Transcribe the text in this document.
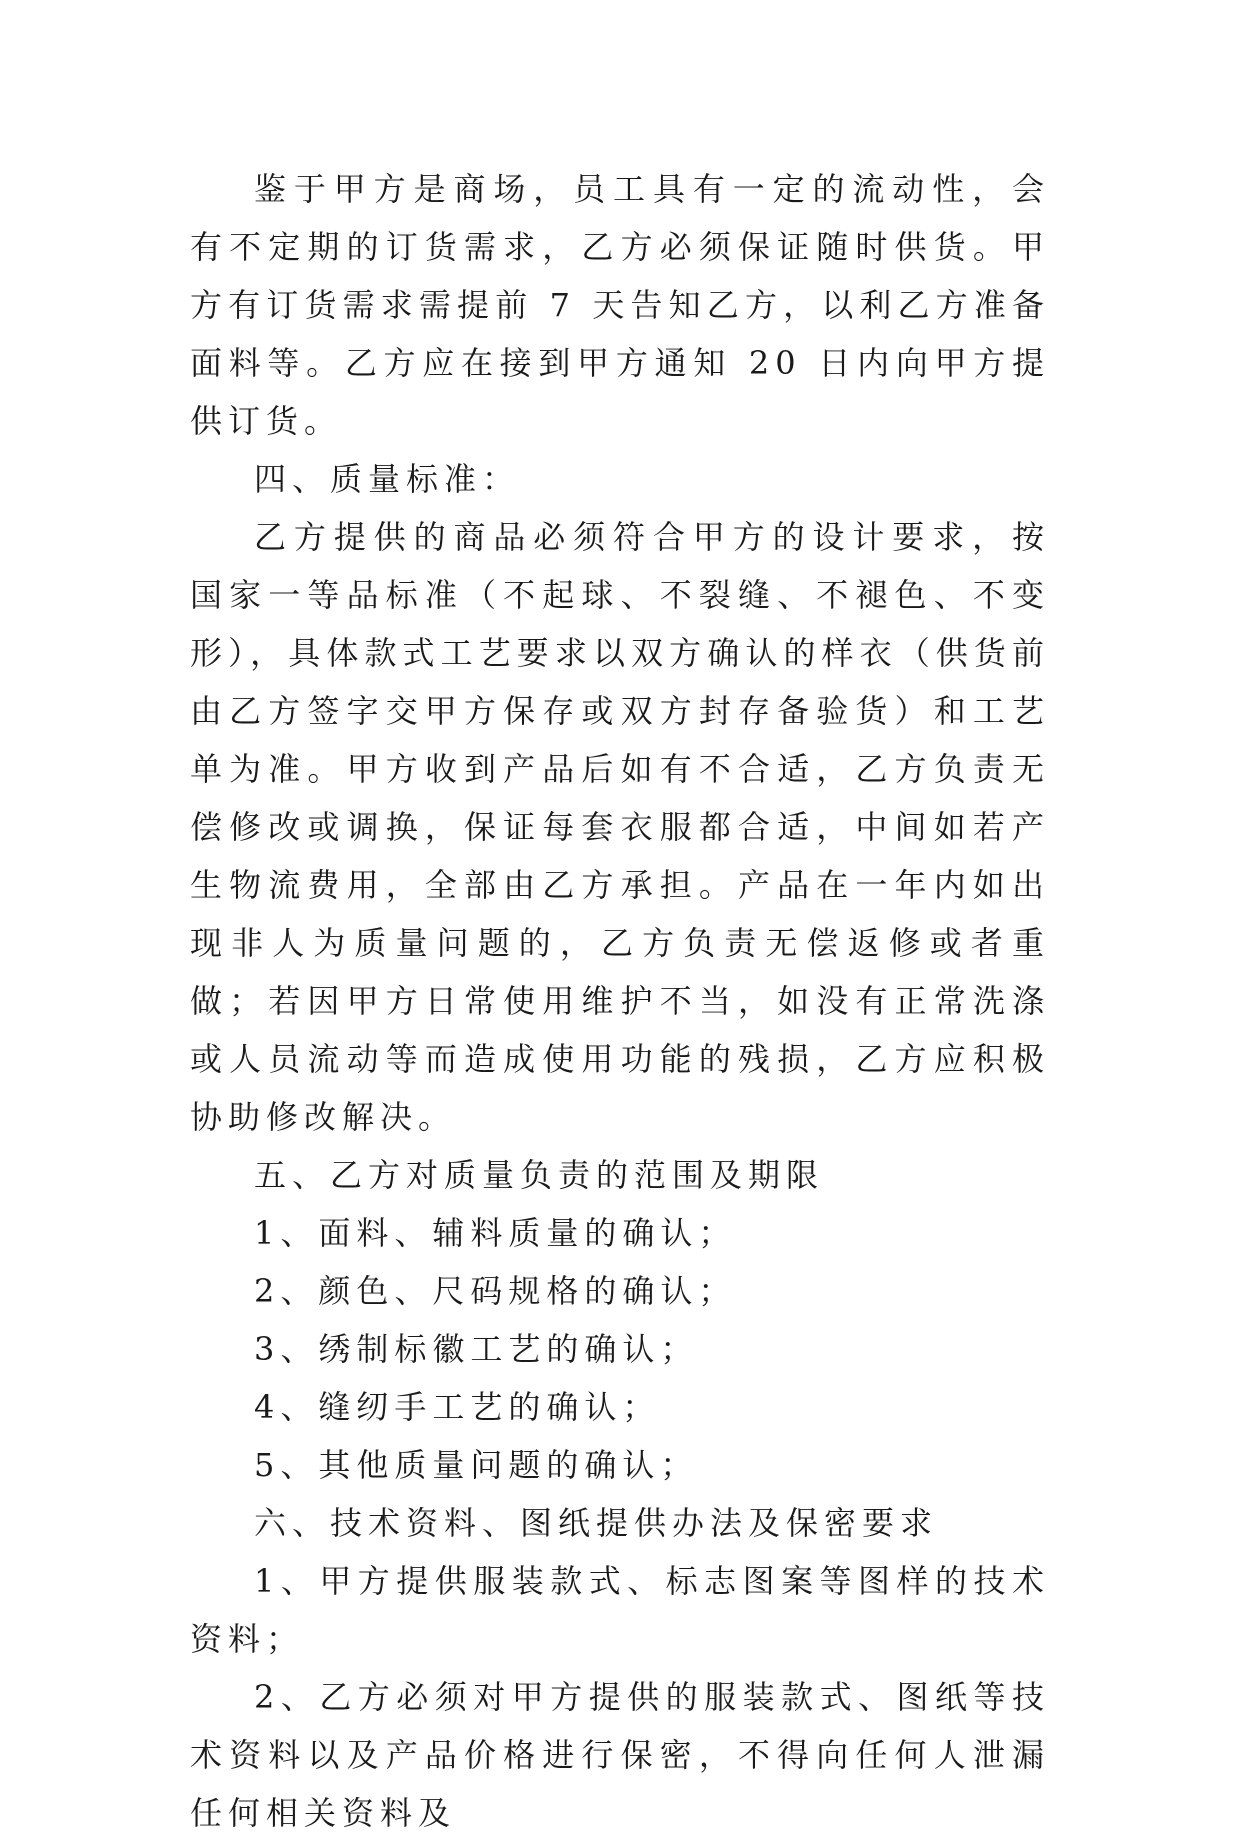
鉴于甲方是商场，员工具有一定的流动性，会有不定期的订货需求，乙方必须保证随时供货。甲方有订货需求需提前 7 天告知乙方，以利乙方准备面料等。乙方应在接到甲方通知 20 日内向甲方提供订货。

四、质量标准：

乙方提供的商品必须符合甲方的设计要求，按国家一等品标准（不起球、不裂缝、不褪色、不变形），具体款式工艺要求以双方确认的样衣（供货前由乙方签字交甲方保存或双方封存备验货）和工艺单为准。甲方收到产品后如有不合适，乙方负责无偿修改或调换，保证每套衣服都合适，中间如若产生物流费用，全部由乙方承担。产品在一年内如出现非人为质量问题的，乙方负责无偿返修或者重做；若因甲方日常使用维护不当，如没有正常洗涤或人员流动等而造成使用功能的残损，乙方应积极协助修改解决。

五、乙方对质量负责的范围及期限

1、面料、辅料质量的确认；

2、颜色、尺码规格的确认；

3、绣制标徽工艺的确认；

4、缝纫手工艺的确认；

5、其他质量问题的确认；

六、技术资料、图纸提供办法及保密要求

1、甲方提供服装款式、标志图案等图样的技术资料；

2、乙方必须对甲方提供的服装款式、图纸等技术资料以及产品价格进行保密，不得向任何人泄漏任何相关资料及
